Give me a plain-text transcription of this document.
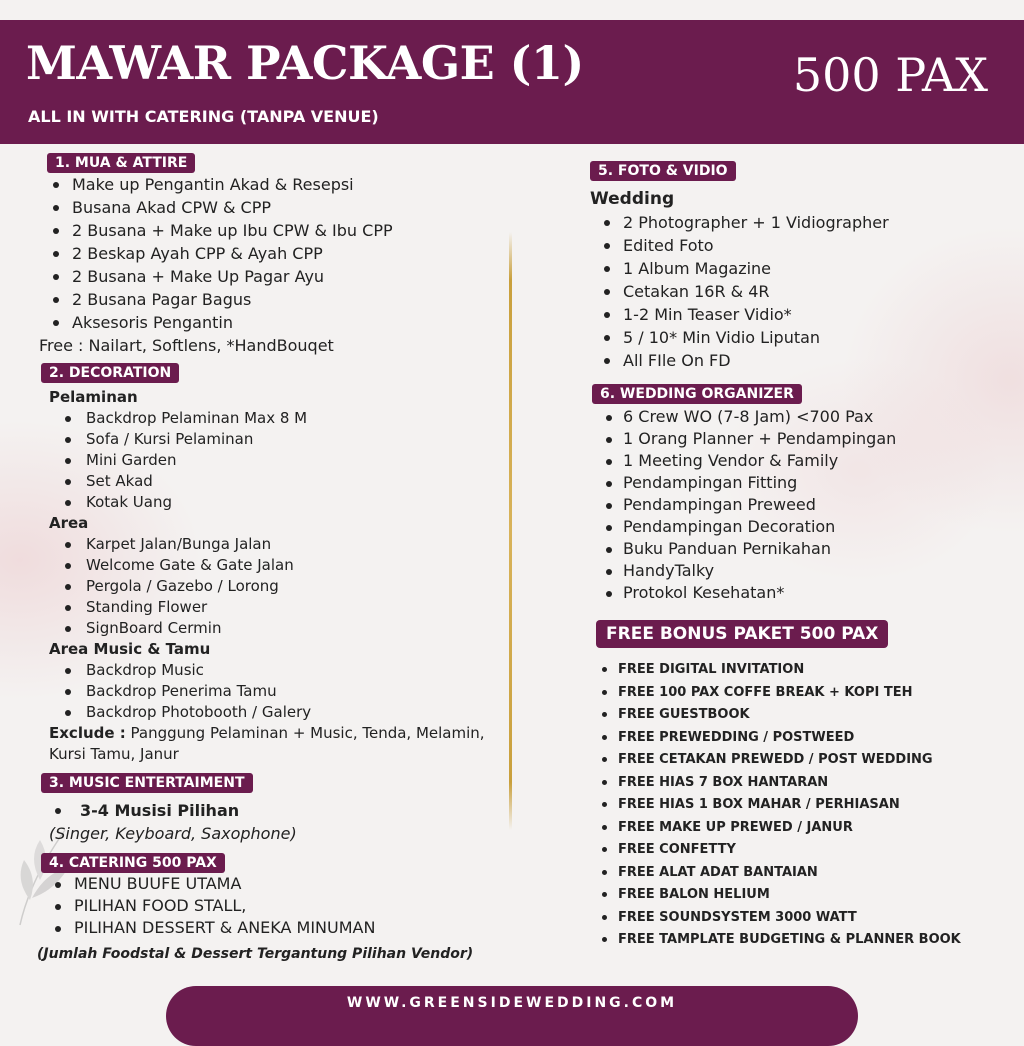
MAWAR PACKAGE (1)	500 PAX
ALL IN WITH CATERING (TANPA VENUE)
1. MUA & ATTIRE
Make up Pengantin Akad & Resepsi
Busana Akad CPW & CPP
2 Busana + Make up Ibu CPW & Ibu CPP
2 Beskap Ayah CPP & Ayah CPP
2 Busana + Make Up Pagar Ayu
2 Busana Pagar Bagus
Aksesoris Pengantin
Free : Nailart, Softlens, *HandBouqet
2. DECORATION
Pelaminan
Backdrop Pelaminan Max 8 M
Sofa / Kursi Pelaminan
Mini Garden
Set Akad
Kotak Uang
Area
Karpet Jalan/Bunga Jalan
Welcome Gate & Gate Jalan
Pergola / Gazebo / Lorong
Standing Flower
SignBoard Cermin
Area Music & Tamu
Backdrop Music
Backdrop Penerima Tamu
Backdrop Photobooth / Galery
Exclude : Panggung Pelaminan + Music, Tenda, Melamin,
Kursi Tamu, Janur
3. MUSIC ENTERTAIMENT
3-4 Musisi Pilihan
(Singer, Keyboard, Saxophone)
4. CATERING 500 PAX
MENU BUUFE UTAMA
PILIHAN FOOD STALL,
PILIHAN DESSERT & ANEKA MINUMAN
(Jumlah Foodstal & Dessert Tergantung Pilihan Vendor)
5. FOTO & VIDIO
Wedding
2 Photographer + 1 Vidiographer
Edited Foto
1 Album Magazine
Cetakan 16R & 4R
1-2 Min Teaser Vidio*
5 / 10* Min Vidio Liputan
All FIle On FD
6. WEDDING ORGANIZER
6 Crew WO (7-8 Jam) <700 Pax
1 Orang Planner + Pendampingan
1 Meeting Vendor & Family
Pendampingan Fitting
Pendampingan Preweed
Pendampingan Decoration
Buku Panduan Pernikahan
HandyTalky
Protokol Kesehatan*
FREE BONUS PAKET 500 PAX
FREE DIGITAL INVITATION
FREE 100 PAX COFFE BREAK + KOPI TEH
FREE GUESTBOOK
FREE PREWEDDING / POSTWEED
FREE CETAKAN PREWEDD / POST WEDDING
FREE HIAS 7 BOX HANTARAN
FREE HIAS 1 BOX MAHAR / PERHIASAN
FREE MAKE UP PREWED / JANUR
FREE CONFETTY
FREE ALAT ADAT BANTAIAN
FREE BALON HELIUM
FREE SOUNDSYSTEM 3000 WATT
FREE TAMPLATE BUDGETING & PLANNER BOOK
WWW.GREENSIDEWEDDING.COM
